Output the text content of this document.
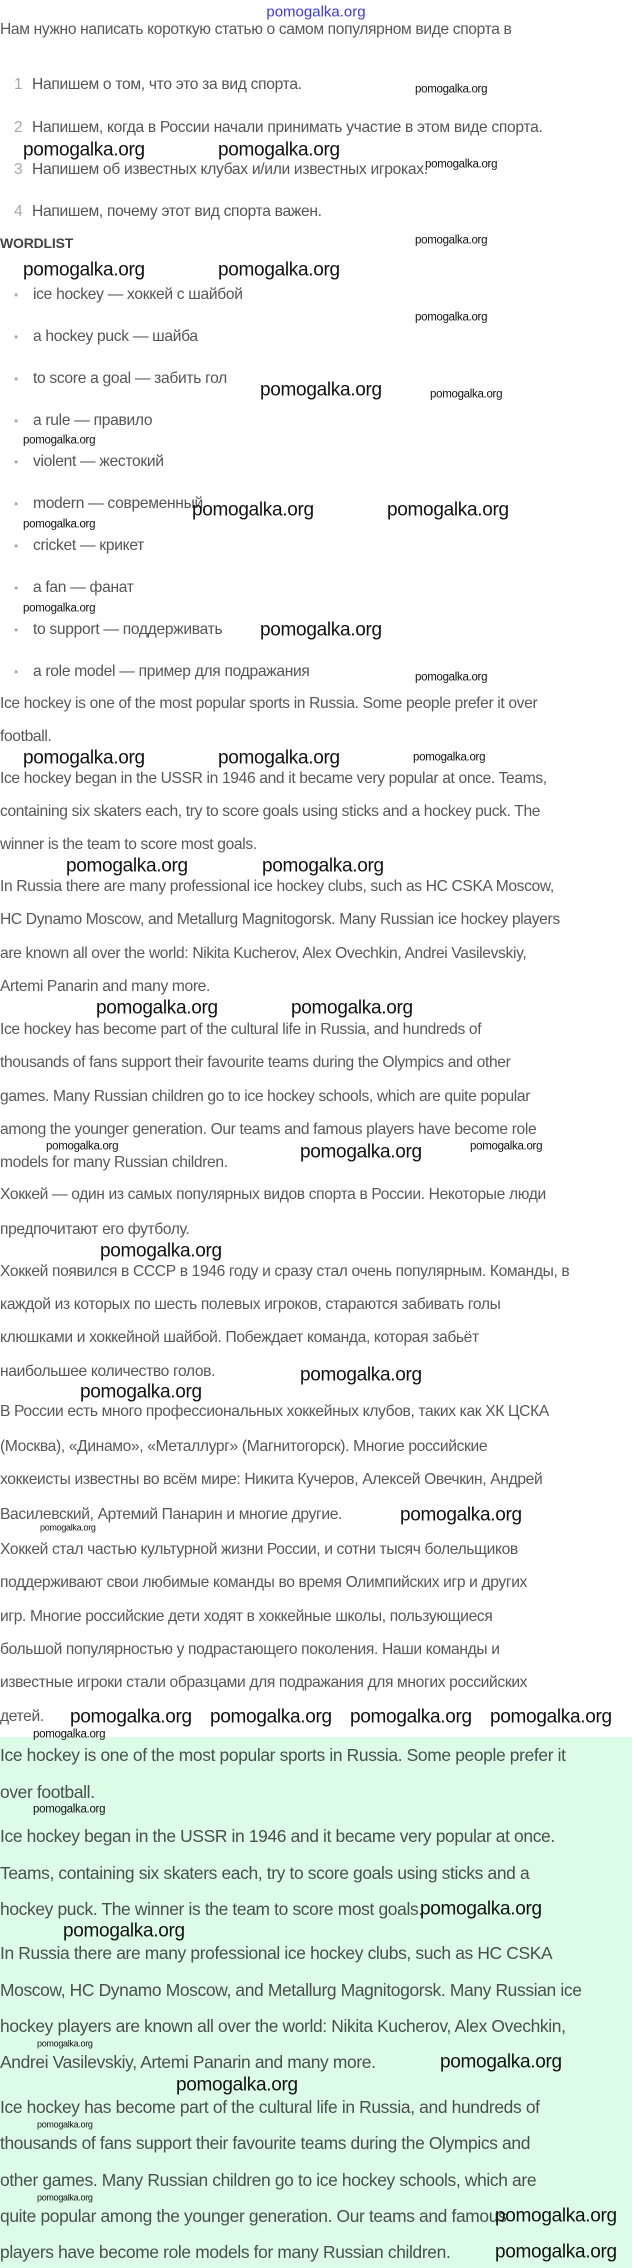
pomogalka.org
Нам нужно написать короткую статью о самом популярном виде спорта в
WORDLIST
1 Напишем о том, что это за вид спорта.
2 Напишем, когда в России начали принимать участие в этом виде спорта.
3 Напишем об известных клубах и/или известных игроках.
4 Напишем, почему этот вид спорта важен.
• ice hockey — хоккей с шайбой
• a hockey puck — шайба
• to score a goal — забить гол
• a rule — правило
• violent — жестокий
• modern — современный
• cricket — крикет
• a fan — фанат
• to support — поддерживать
• a role model — пример для подражания
Ice hockey is one of the most popular sports in Russia. Some people prefer it over
football.
Ice hockey began in the USSR in 1946 and it became very popular at once. Teams,
containing six skaters each, try to score goals using sticks and a hockey puck. The
winner is the team to score most goals.
In Russia there are many professional ice hockey clubs, such as HC CSKA Moscow,
HC Dynamo Moscow, and Metallurg Magnitogorsk. Many Russian ice hockey players
are known all over the world: Nikita Kucherov, Alex Ovechkin, Andrei Vasilevskiy,
Artemi Panarin and many more.
Ice hockey has become part of the cultural life in Russia, and hundreds of
thousands of fans support their favourite teams during the Olympics and other
games. Many Russian children go to ice hockey schools, which are quite popular
among the younger generation. Our teams and famous players have become role
models for many Russian children.
Хоккей — один из самых популярных видов спорта в России. Некоторые люди
предпочитают его футболу.
Хоккей появился в СССР в 1946 году и сразу стал очень популярным. Команды, в
каждой из которых по шесть полевых игроков, стараются забивать голы
клюшками и хоккейной шайбой. Побеждает команда, которая забьёт
наибольшее количество голов.
В России есть много профессиональных хоккейных клубов, таких как ХК ЦСКА
(Москва), «Динамо», «Металлург» (Магнитогорск). Многие российские
хоккеисты известны во всём мире: Никита Кучеров, Алексей Овечкин, Андрей
Василевский, Артемий Панарин и многие другие.
Хоккей стал частью культурной жизни России, и сотни тысяч болельщиков
поддерживают свои любимые команды во время Олимпийских игр и других
игр. Многие российские дети ходят в хоккейные школы, пользующиеся
большой популярностью у подрастающего поколения. Наши команды и
известные игроки стали образцами для подражания для многих российских
детей.
Ice hockey is one of the most popular sports in Russia. Some people prefer it
over football.
Ice hockey began in the USSR in 1946 and it became very popular at once.
Teams, containing six skaters each, try to score goals using sticks and a
hockey puck. The winner is the team to score most goals.
In Russia there are many professional ice hockey clubs, such as HC CSKA
Moscow, HC Dynamo Moscow, and Metallurg Magnitogorsk. Many Russian ice
hockey players are known all over the world: Nikita Kucherov, Alex Ovechkin,
Andrei Vasilevskiy, Artemi Panarin and many more.
Ice hockey has become part of the cultural life in Russia, and hundreds of
thousands of fans support their favourite teams during the Olympics and
other games. Many Russian children go to ice hockey schools, which are
quite popular among the younger generation. Our teams and famous
players have become role models for many Russian children.
pomogalka.org
pomogalka.org	pomogalka.org
pomogalka.org
pomogalka.org
pomogalka.org	pomogalka.org
pomogalka.org
pomogalka.org	pomogalka.org
pomogalka.org
pomogalka.org	pomogalka.org
pomogalka.org
pomogalka.org
pomogalka.org
pomogalka.org
pomogalka.org	pomogalka.org	pomogalka.org
pomogalka.org	pomogalka.org
pomogalka.org	pomogalka.org
pomogalka.org	pomogalka.org	pomogalka.org
pomogalka.org
pomogalka.org
pomogalka.org
pomogalka.org
pomogalka.org
pomogalka.org pomogalka.org pomogalka.org pomogalka.org
pomogalka.org
pomogalka.org
pomogalka.org
pomogalka.org
pomogalka.org
pomogalka.org
pomogalka.org
pomogalka.org
pomogalka.org
pomogalka.org
pomogalka.org
